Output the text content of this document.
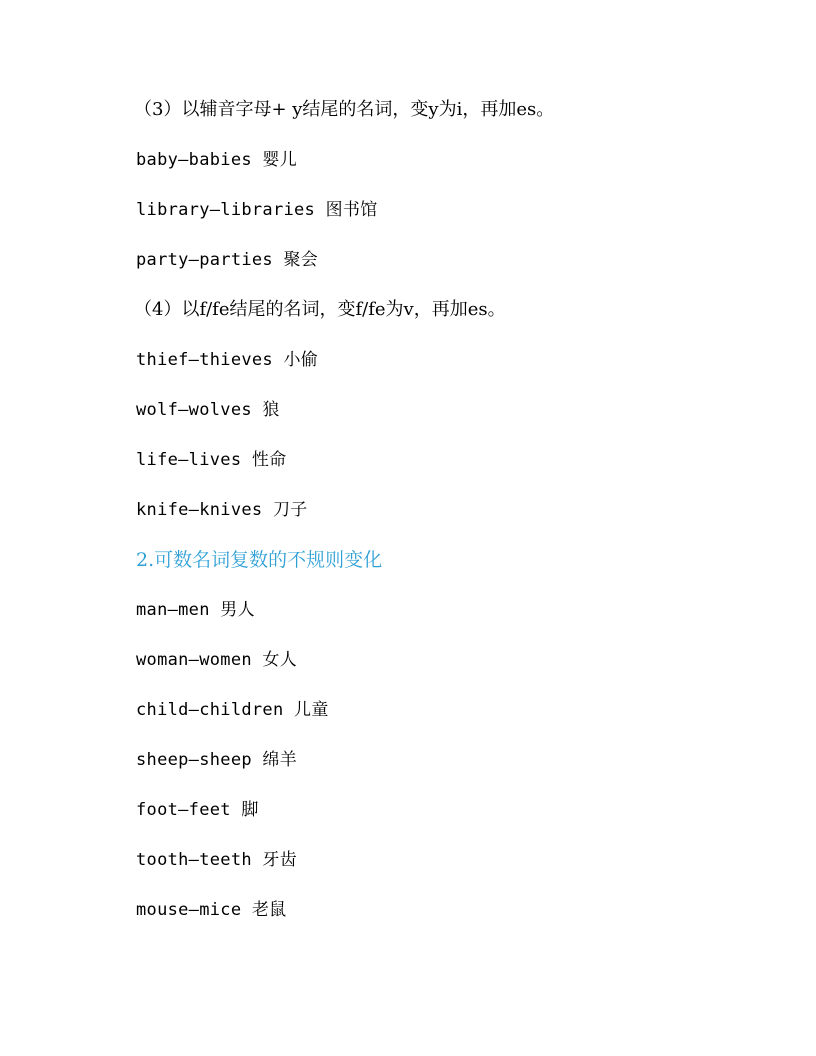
（3）以辅音字母+ y结尾的名词，变y为i，再加es。
baby—babies 婴儿
library—libraries 图书馆
party—parties 聚会
（4）以f/fe结尾的名词，变f/fe为v，再加es。
thief—thieves 小偷
wolf—wolves 狼
life—lives 性命
knife—knives 刀子
2.可数名词复数的不规则变化
man—men 男人
woman—women 女人
child—children 儿童
sheep—sheep 绵羊
foot—feet 脚
tooth—teeth 牙齿
mouse—mice 老鼠
